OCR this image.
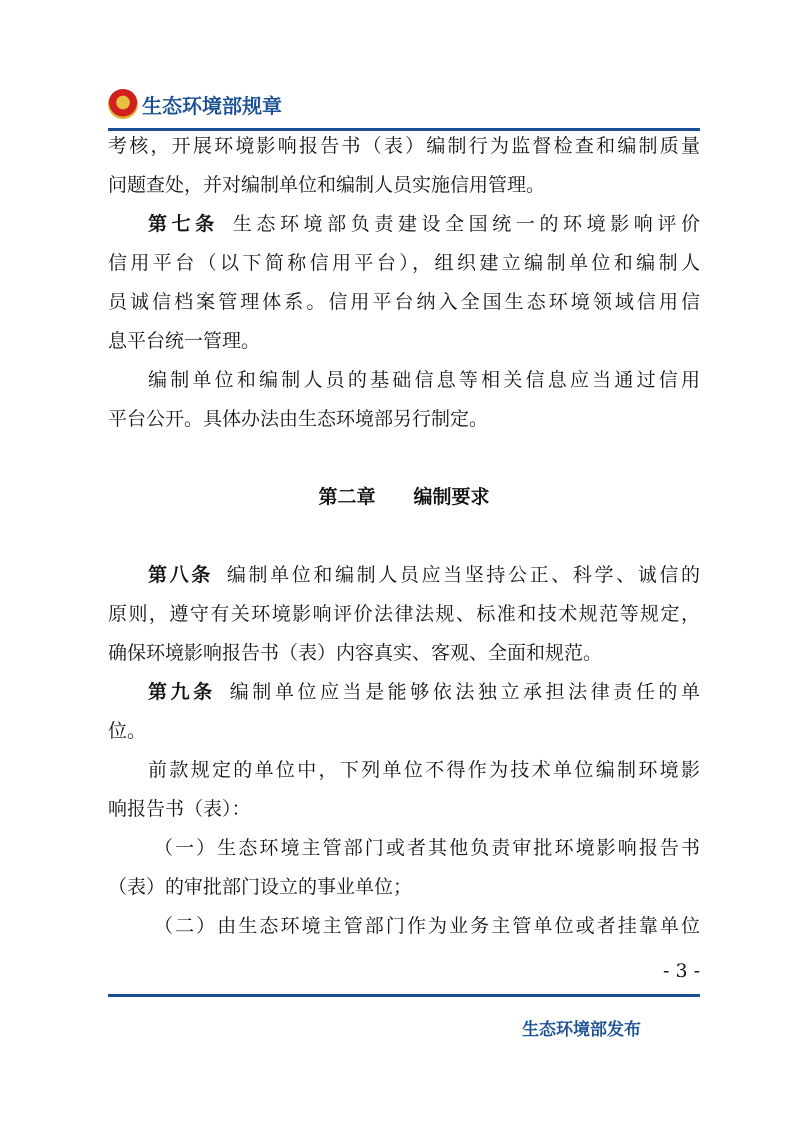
生态环境部规章
考核，开展环境影响报告书（表）编制行为监督检查和编制质量
问题查处，并对编制单位和编制人员实施信用管理。
第七条 生态环境部负责建设全国统一的环境影响评价
信用平台（以下简称信用平台），组织建立编制单位和编制人
员诚信档案管理体系。信用平台纳入全国生态环境领域信用信
息平台统一管理。
编制单位和编制人员的基础信息等相关信息应当通过信用
平台公开。具体办法由生态环境部另行制定。
第二章　　编制要求
第八条 编制单位和编制人员应当坚持公正、科学、诚信的
原则，遵守有关环境影响评价法律法规、标准和技术规范等规定，
确保环境影响报告书（表）内容真实、客观、全面和规范。
第九条 编制单位应当是能够依法独立承担法律责任的单
位。
前款规定的单位中，下列单位不得作为技术单位编制环境影
响报告书（表）：
（一）生态环境主管部门或者其他负责审批环境影响报告书
（表）的审批部门设立的事业单位；
（二）由生态环境主管部门作为业务主管单位或者挂靠单位
- 3 -
生态环境部发布
